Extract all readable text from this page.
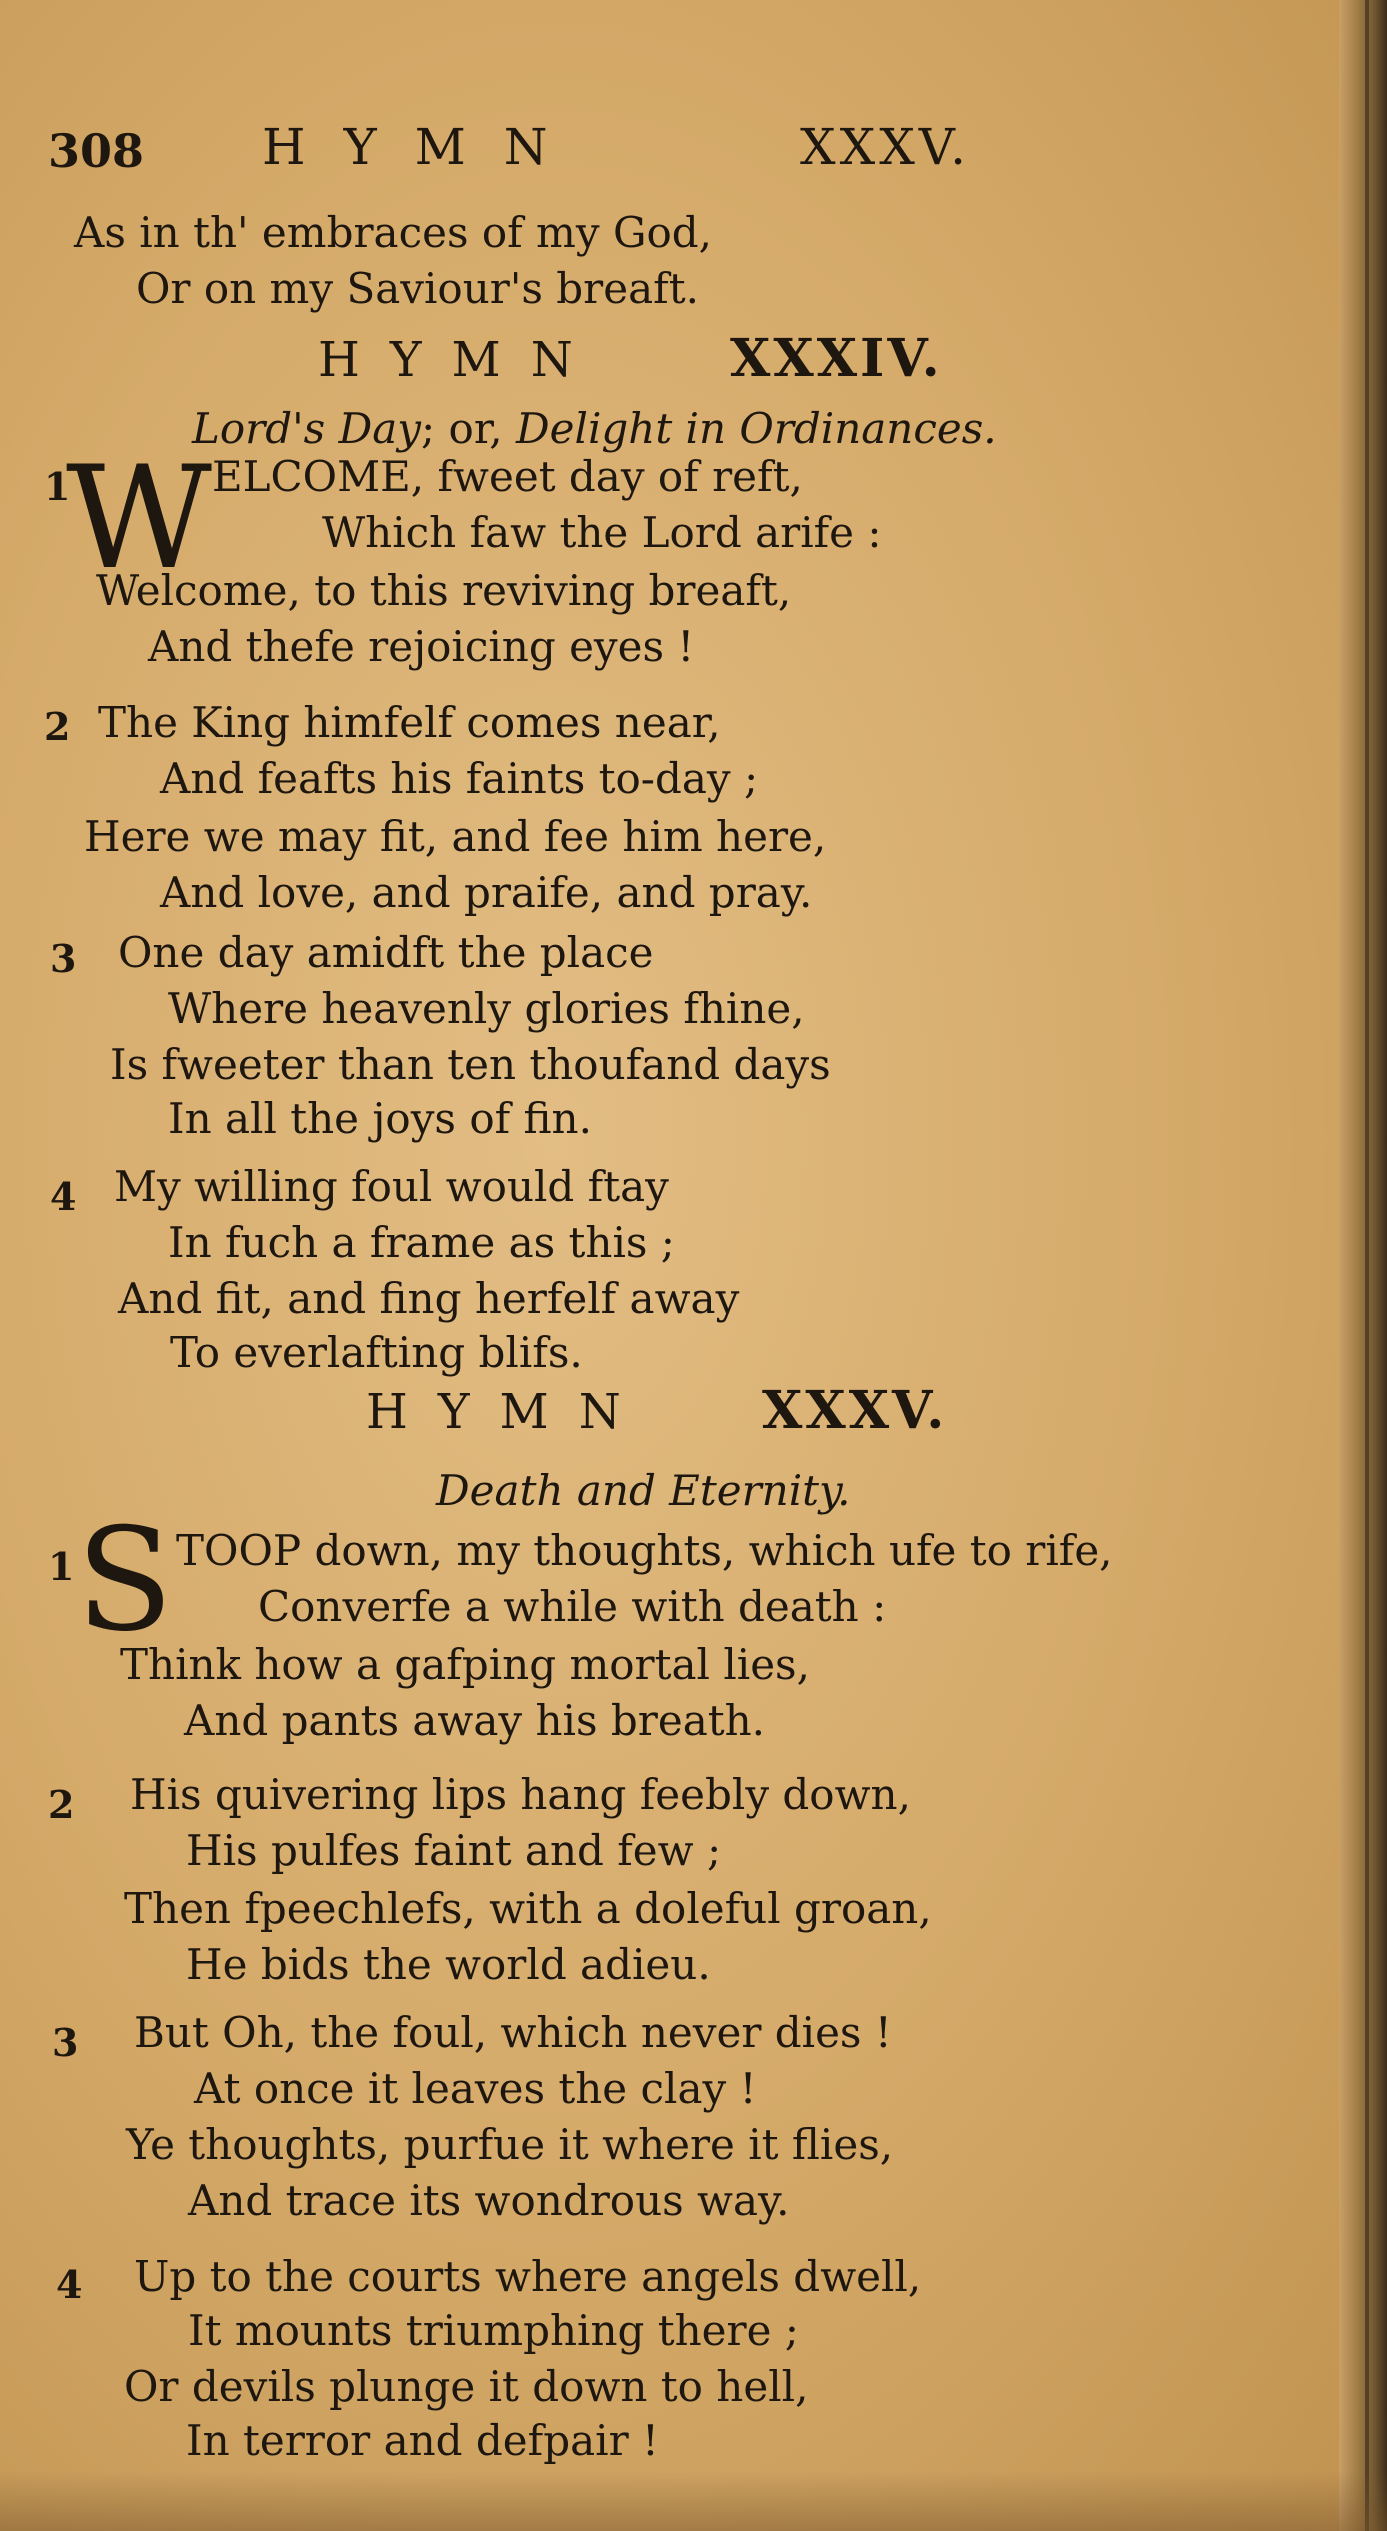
308 HYMN	XXXV.
As in th' embraces of my God,
Or on my Saviour's breaft.
HYMN XXXIV.
Lord's Day; or, Delight in Ordinances.
1
W ELCOME, fweet day of reft,
Which faw the Lord arife :
Welcome, to this reviving breaft,
And thefe rejoicing eyes !
2 The King himfelf comes near,
And feafts his faints to-day ;
Here we may fit, and fee him here,
And love, and praife, and pray.
3 One day amidft the place
Where heavenly glories fhine,
Is fweeter than ten thoufand days
In all the joys of fin.
4 My willing foul would ftay
In fuch a frame as this ;
And fit, and fing herfelf away
To everlafting blifs.
HYMN XXXV.
Death and Eternity.
1 S TOOP down, my thoughts, which ufe to rife,
Converfe a while with death :
Think how a gafping mortal lies,
And pants away his breath.
2 His quivering lips hang feebly down,
His pulfes faint and few ;
Then fpeechlefs, with a doleful groan,
He bids the world adieu.
3 But Oh, the foul, which never dies !
At once it leaves the clay !
Ye thoughts, purfue it where it flies,
And trace its wondrous way.
4 Up to the courts where angels dwell,
It mounts triumphing there ;
Or devils plunge it down to hell,
In terror and defpair !
